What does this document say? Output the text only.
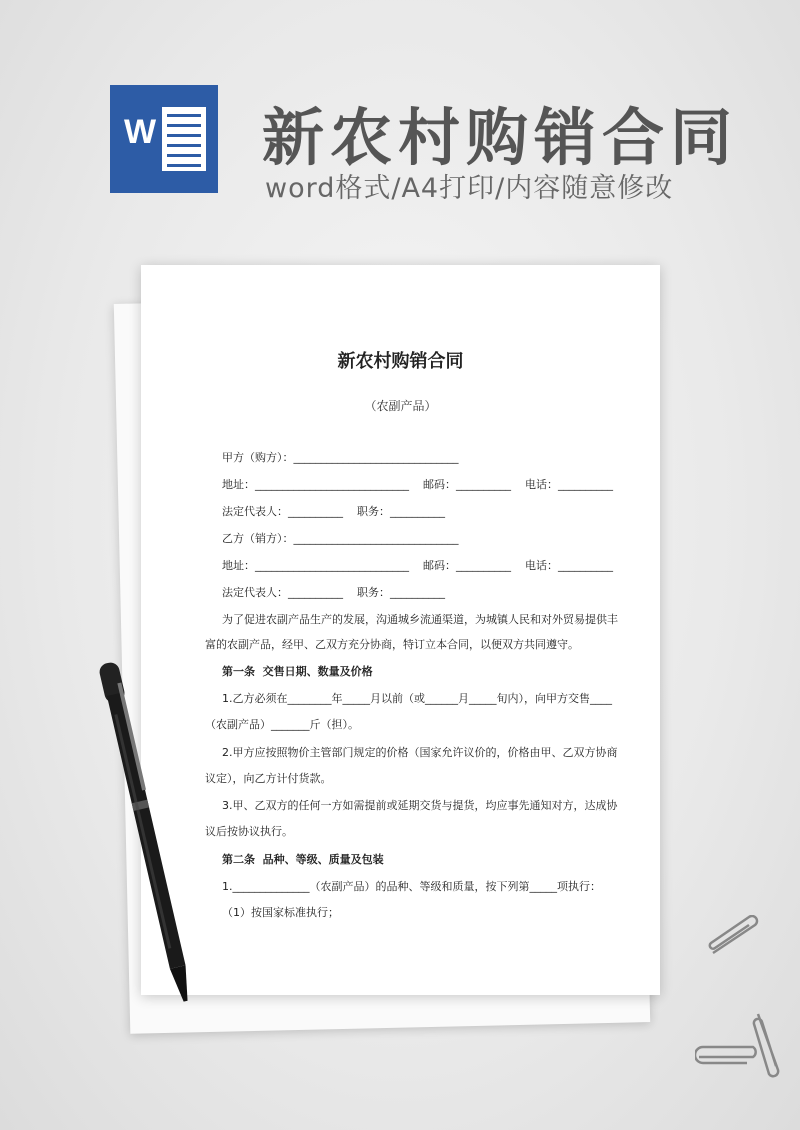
W 新农村购销合同
word格式/A4打印/内容随意修改
新农村购销合同
（农副产品）
甲方（购方）：______________________________
地址：____________________________    邮码：__________    电话：__________
法定代表人：__________    职务：__________
乙方（销方）：______________________________
地址：____________________________    邮码：__________    电话：__________
法定代表人：__________    职务：__________
为了促进农副产品生产的发展，沟通城乡流通渠道，为城镇人民和对外贸易提供丰
富的农副产品，经甲、乙双方充分协商，特订立本合同，以便双方共同遵守。
第一条  交售日期、数量及价格
1.乙方必须在________年_____月以前（或______月_____旬内），向甲方交售____
（农副产品）_______斤（担）。
2.甲方应按照物价主管部门规定的价格（国家允许议价的，价格由甲、乙双方协商
议定），向乙方计付货款。
3.甲、乙双方的任何一方如需提前或延期交货与提货，均应事先通知对方，达成协
议后按协议执行。
第二条  品种、等级、质量及包装
1.______________（农副产品）的品种、等级和质量，按下列第_____项执行：
（1）按国家标准执行；
